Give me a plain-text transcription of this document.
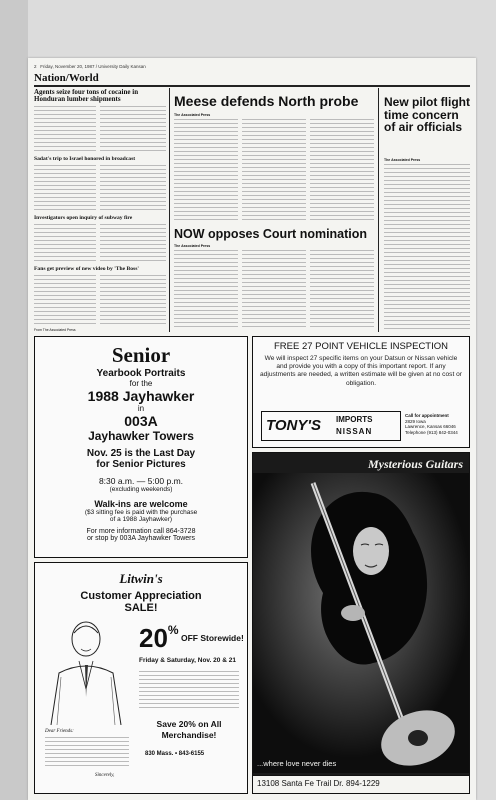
2 Friday, November 20, 1987 / University Daily Kansan
Nation/World
Agents seize four tons of cocaine in Honduran lumber shipments
Sadat's trip to Israel honored in broadcast
Investigators open inquiry of subway fire
Fans get preview of new video by 'The Boss'
From The Associated Press
Meese defends North probe
The Associated Press
NOW opposes Court nomination
The Associated Press
New pilot flight time concern of air officials
The Associated Press
Senior
Yearbook Portraits
for the
1988 Jayhawker
in
003A
Jayhawker Towers
Nov. 25 is the Last Day
for Senior Pictures
8:30 a.m. — 5:00 p.m.
(excluding weekends)
Walk-ins are welcome
($3 sitting fee is paid with the purchase
of a 1988 Jayhawker)
For more information call 864-3728
or stop by 003A Jayhawker Towers
FREE 27 POINT VEHICLE INSPECTION
We will inspect 27 specific items on your Datsun or Nissan vehicle and provide you with a copy of this important report. If any adjustments are needed, a written estimate will be given at no cost or obligation.
TONY'S IMPORTS
NISSAN
Call for appointment
2829 Iowa
Lawrence, Kansas 66046
Telephone (913) 842-0344
Litwin's
Customer Appreciation
SALE!
20%
OFF Storewide!
Friday & Saturday, Nov. 20 & 21
Save 20% on All
Merchandise!
830 Mass. • 843-6155
Dear Friends:
Sincerely,
Mysterious Guitars
...where love never dies
13108 Santa Fe Trail Dr. 894-1229
